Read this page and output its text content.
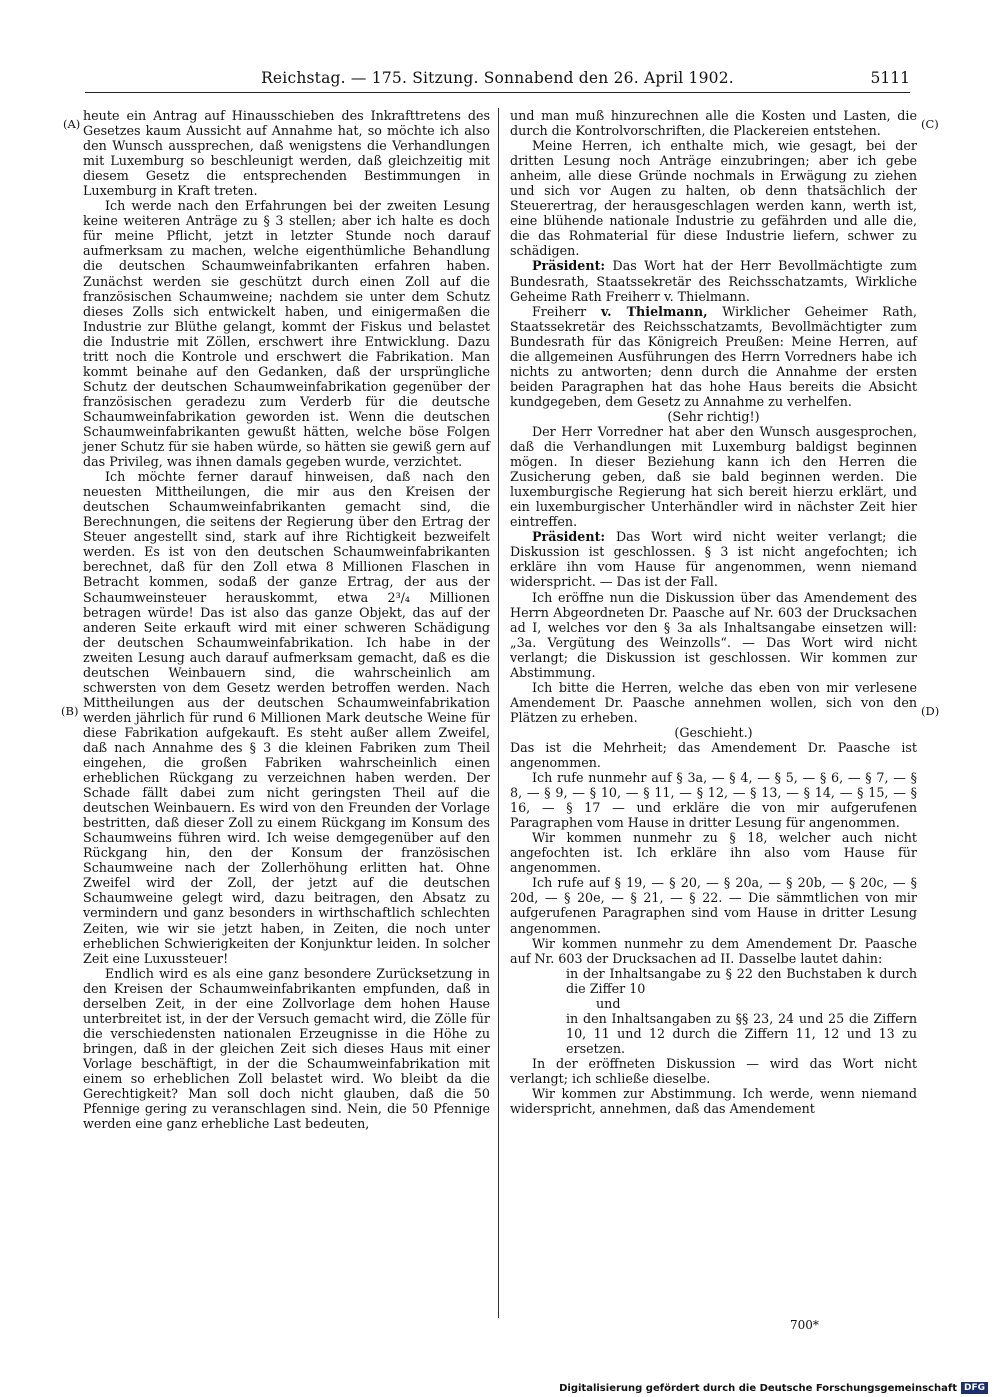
Reichstag. — 175. Sitzung. Sonnabend den 26. April 1902.	5111
(A)
(B)
(C)
(D)

heute ein Antrag auf Hinausschieben des Inkrafttretens des Gesetzes kaum Aussicht auf Annahme hat, so möchte ich also den Wunsch aussprechen, daß wenigstens die Verhandlungen mit Luxemburg so beschleunigt werden, daß gleichzeitig mit diesem Gesetz die entsprechenden Bestimmungen in Luxemburg in Kraft treten.

Ich werde nach den Erfahrungen bei der zweiten Lesung keine weiteren Anträge zu § 3 stellen; aber ich halte es doch für meine Pflicht, jetzt in letzter Stunde noch darauf aufmerksam zu machen, welche eigenthümliche Behandlung die deutschen Schaumweinfabrikanten erfahren haben. Zunächst werden sie geschützt durch einen Zoll auf die französischen Schaumweine; nachdem sie unter dem Schutz dieses Zolls sich entwickelt haben, und einigermaßen die Industrie zur Blüthe gelangt, kommt der Fiskus und belastet die Industrie mit Zöllen, erschwert ihre Entwicklung. Dazu tritt noch die Kontrole und erschwert die Fabrikation. Man kommt beinahe auf den Gedanken, daß der ursprüngliche Schutz der deutschen Schaumweinfabrikation gegenüber der französischen geradezu zum Verderb für die deutsche Schaumweinfabrikation geworden ist. Wenn die deutschen Schaumweinfabrikanten gewußt hätten, welche böse Folgen jener Schutz für sie haben würde, so hätten sie gewiß gern auf das Privileg, was ihnen damals gegeben wurde, verzichtet.

Ich möchte ferner darauf hinweisen, daß nach den neuesten Mittheilungen, die mir aus den Kreisen der deutschen Schaumweinfabrikanten gemacht sind, die Berechnungen, die seitens der Regierung über den Ertrag der Steuer angestellt sind, stark auf ihre Richtigkeit bezweifelt werden. Es ist von den deutschen Schaumweinfabrikanten berechnet, daß für den Zoll etwa 8 Millionen Flaschen in Betracht kommen, sodaß der ganze Ertrag, der aus der Schaumweinsteuer herauskommt, etwa 2³/₄ Millionen betragen würde! Das ist also das ganze Objekt, das auf der anderen Seite erkauft wird mit einer schweren Schädigung der deutschen Schaumweinfabrikation. Ich habe in der zweiten Lesung auch darauf aufmerksam gemacht, daß es die deutschen Weinbauern sind, die wahrscheinlich am schwersten von dem Gesetz werden betroffen werden. Nach Mittheilungen aus der deutschen Schaumweinfabrikation werden jährlich für rund 6 Millionen Mark deutsche Weine für diese Fabrikation aufgekauft. Es steht außer allem Zweifel, daß nach Annahme des § 3 die kleinen Fabriken zum Theil eingehen, die großen Fabriken wahrscheinlich einen erheblichen Rückgang zu verzeichnen haben werden. Der Schade fällt dabei zum nicht geringsten Theil auf die deutschen Weinbauern. Es wird von den Freunden der Vorlage bestritten, daß dieser Zoll zu einem Rückgang im Konsum des Schaumweins führen wird. Ich weise demgegenüber auf den Rückgang hin, den der Konsum der französischen Schaumweine nach der Zollerhöhung erlitten hat. Ohne Zweifel wird der Zoll, der jetzt auf die deutschen Schaumweine gelegt wird, dazu beitragen, den Absatz zu vermindern und ganz besonders in wirthschaftlich schlechten Zeiten, wie wir sie jetzt haben, in Zeiten, die noch unter erheblichen Schwierigkeiten der Konjunktur leiden. In solcher Zeit eine Luxussteuer!

Endlich wird es als eine ganz besondere Zurücksetzung in den Kreisen der Schaumweinfabrikanten empfunden, daß in derselben Zeit, in der eine Zollvorlage dem hohen Hause unterbreitet ist, in der der Versuch gemacht wird, die Zölle für die verschiedensten nationalen Erzeugnisse in die Höhe zu bringen, daß in der gleichen Zeit sich dieses Haus mit einer Vorlage beschäftigt, in der die Schaumweinfabrikation mit einem so erheblichen Zoll belastet wird. Wo bleibt da die Gerechtigkeit? Man soll doch nicht glauben, daß die 50 Pfennige gering zu veranschlagen sind. Nein, die 50 Pfennige werden eine ganz erhebliche Last bedeuten,

und man muß hinzurechnen alle die Kosten und Lasten, die durch die Kontrolvorschriften, die Plackereien entstehen.

Meine Herren, ich enthalte mich, wie gesagt, bei der dritten Lesung noch Anträge einzubringen; aber ich gebe anheim, alle diese Gründe nochmals in Erwägung zu ziehen und sich vor Augen zu halten, ob denn thatsächlich der Steuerertrag, der herausgeschlagen werden kann, werth ist, eine blühende nationale Industrie zu gefährden und alle die, die das Rohmaterial für diese Industrie liefern, schwer zu schädigen.

Präsident: Das Wort hat der Herr Bevollmächtigte zum Bundesrath, Staatssekretär des Reichsschatzamts, Wirkliche Geheime Rath Freiherr v. Thielmann.

Freiherr v. Thielmann, Wirklicher Geheimer Rath, Staatssekretär des Reichsschatzamts, Bevollmächtigter zum Bundesrath für das Königreich Preußen: Meine Herren, auf die allgemeinen Ausführungen des Herrn Vorredners habe ich nichts zu antworten; denn durch die Annahme der ersten beiden Paragraphen hat das hohe Haus bereits die Absicht kundgegeben, dem Gesetz zu Annahme zu verhelfen.

(Sehr richtig!)

Der Herr Vorredner hat aber den Wunsch ausgesprochen, daß die Verhandlungen mit Luxemburg baldigst beginnen mögen. In dieser Beziehung kann ich den Herren die Zusicherung geben, daß sie bald beginnen werden. Die luxemburgische Regierung hat sich bereit hierzu erklärt, und ein luxemburgischer Unterhändler wird in nächster Zeit hier eintreffen.

Präsident: Das Wort wird nicht weiter verlangt; die Diskussion ist geschlossen. § 3 ist nicht angefochten; ich erkläre ihn vom Hause für angenommen, wenn niemand widerspricht. — Das ist der Fall.

Ich eröffne nun die Diskussion über das Amendement des Herrn Abgeordneten Dr. Paasche auf Nr. 603 der Drucksachen ad I, welches vor den § 3a als Inhaltsangabe einsetzen will: „3a. Vergütung des Weinzolls“. — Das Wort wird nicht verlangt; die Diskussion ist geschlossen. Wir kommen zur Abstimmung.

Ich bitte die Herren, welche das eben von mir verlesene Amendement Dr. Paasche annehmen wollen, sich von den Plätzen zu erheben.

(Geschieht.)

Das ist die Mehrheit; das Amendement Dr. Paasche ist angenommen.

Ich rufe nunmehr auf § 3a, — § 4, — § 5, — § 6, — § 7, — § 8, — § 9, — § 10, — § 11, — § 12, — § 13, — § 14, — § 15, — § 16, — § 17 — und erkläre die von mir aufgerufenen Paragraphen vom Hause in dritter Lesung für angenommen.

Wir kommen nunmehr zu § 18, welcher auch nicht angefochten ist. Ich erkläre ihn also vom Hause für angenommen.

Ich rufe auf § 19, — § 20, — § 20a, — § 20b, — § 20c, — § 20d, — § 20e, — § 21, — § 22. — Die sämmtlichen von mir aufgerufenen Paragraphen sind vom Hause in dritter Lesung angenommen.

Wir kommen nunmehr zu dem Amendement Dr. Paasche auf Nr. 603 der Drucksachen ad II. Dasselbe lautet dahin:

in der Inhaltsangabe zu § 22 den Buchstaben k durch die Ziffer 10

und

in den Inhaltsangaben zu §§ 23, 24 und 25 die Ziffern 10, 11 und 12 durch die Ziffern 11, 12 und 13 zu ersetzen.

In der eröffneten Diskussion — wird das Wort nicht verlangt; ich schließe dieselbe.

Wir kommen zur Abstimmung. Ich werde, wenn niemand widerspricht, annehmen, daß das Amendement

700*
Digitalisierung gefördert durch die Deutsche Forschungsgemeinschaft DFG
